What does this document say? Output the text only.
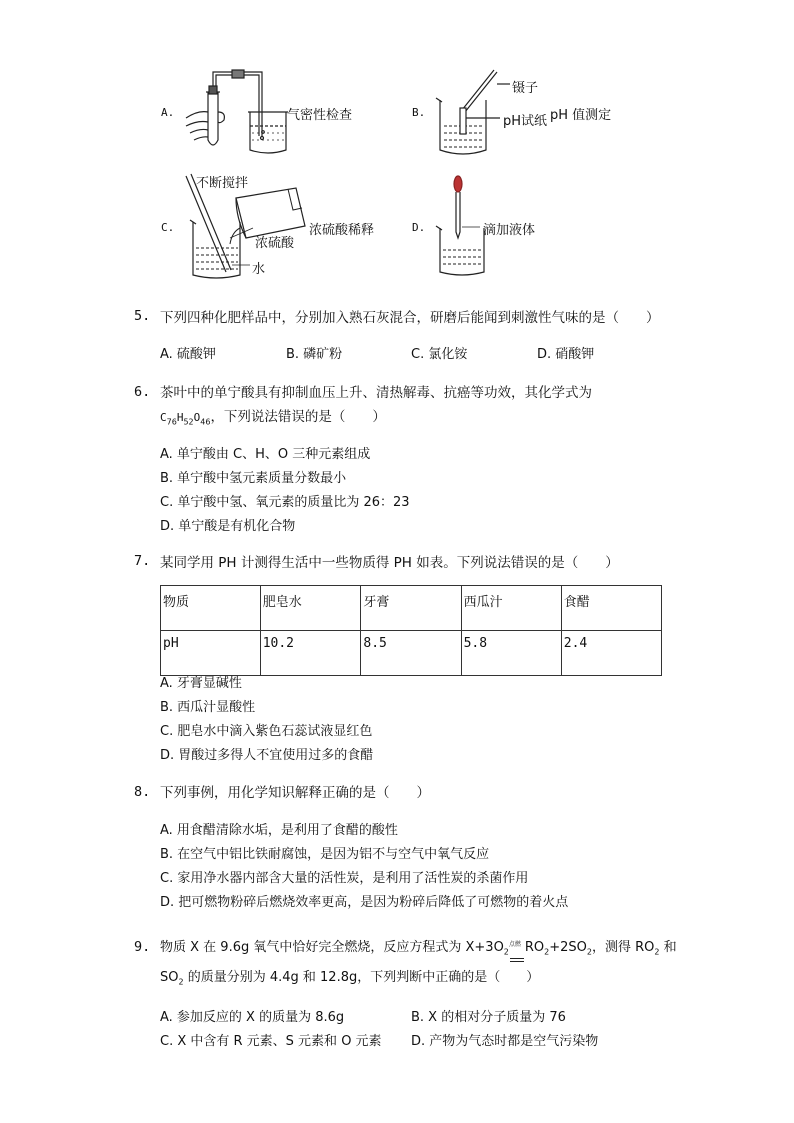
A.	气密性检查	B.
镊子
pH试纸 pH 值测定
C.
不断搅拌
浓硫酸稀释
浓硫酸
水
D.	滴加液体
5. 下列四种化肥样品中，分别加入熟石灰混合，研磨后能闻到刺激性气味的是（　　）
A. 硫酸钾	B. 磷矿粉	C. 氯化铵	D. 硝酸钾
6. 茶叶中的单宁酸具有抑制血压上升、清热解毒、抗癌等功效，其化学式为
$C_{76}H_{52}O_{46}$，下列说法错误的是（　　）
A. 单宁酸由 C、H、O 三种元素组成
B. 单宁酸中氢元素质量分数最小
C. 单宁酸中氢、氧元素的质量比为 26：23
D. 单宁酸是有机化合物
7. 某同学用 PH 计测得生活中一些物质得 PH 如表。下列说法错误的是（　　）
物质	肥皂水	牙膏	西瓜汁	食醋
pH	10.2	8.5	5.8	2.4
A. 牙膏显碱性
B. 西瓜汁显酸性
C. 肥皂水中滴入紫色石蕊试液显红色
D. 胃酸过多得人不宜使用过多的食醋
8. 下列事例，用化学知识解释正确的是（　　）
A. 用食醋清除水垢，是利用了食醋的酸性
B. 在空气中铝比铁耐腐蚀，是因为铝不与空气中氧气反应
C. 家用净水器内部含大量的活性炭，是利用了活性炭的杀菌作用
D. 把可燃物粉碎后燃烧效率更高，是因为粉碎后降低了可燃物的着火点
9. 物质 X 在 9.6g 氧气中恰好完全燃烧，反应方程式为 $X+3O_2$
点燃 $RO_2+2SO_2$，测得 $RO_2$ 和
$SO_2$ 的质量分别为 4.4g 和 12.8g，下列判断中正确的是（　　）
A. 参加反应的 X 的质量为 8.6g	B. X 的相对分子质量为 76
C. X 中含有 R 元素、S 元素和 O 元素 D. 产物为气态时都是空气污染物
